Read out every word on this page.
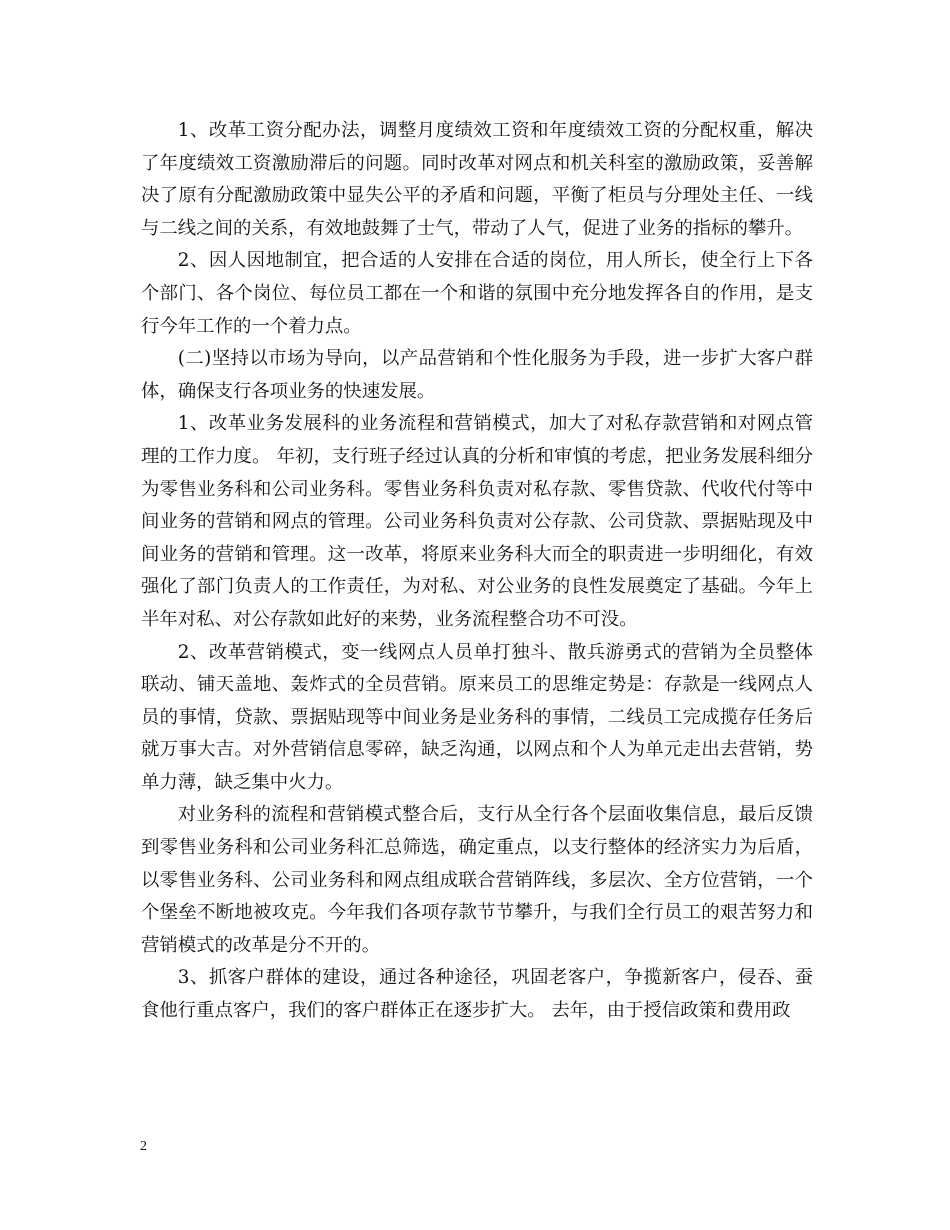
1、改革工资分配办法，调整月度绩效工资和年度绩效工资的分配权重，解决了年度绩效工资激励滞后的问题。同时改革对网点和机关科室的激励政策，妥善解决了原有分配激励政策中显失公平的矛盾和问题，平衡了柜员与分理处主任、一线与二线之间的关系，有效地鼓舞了士气，带动了人气，促进了业务的指标的攀升。

2、因人因地制宜，把合适的人安排在合适的岗位，用人所长，使全行上下各个部门、各个岗位、每位员工都在一个和谐的氛围中充分地发挥各自的作用，是支行今年工作的一个着力点。

(二)坚持以市场为导向，以产品营销和个性化服务为手段，进一步扩大客户群体，确保支行各项业务的快速发展。

1、改革业务发展科的业务流程和营销模式，加大了对私存款营销和对网点管理的工作力度。 年初，支行班子经过认真的分析和审慎的考虑，把业务发展科细分为零售业务科和公司业务科。零售业务科负责对私存款、零售贷款、代收代付等中间业务的营销和网点的管理。公司业务科负责对公存款、公司贷款、票据贴现及中间业务的营销和管理。这一改革，将原来业务科大而全的职责进一步明细化，有效强化了部门负责人的工作责任，为对私、对公业务的良性发展奠定了基础。今年上半年对私、对公存款如此好的来势，业务流程整合功不可没。

2、改革营销模式，变一线网点人员单打独斗、散兵游勇式的营销为全员整体联动、铺天盖地、轰炸式的全员营销。原来员工的思维定势是：存款是一线网点人员的事情，贷款、票据贴现等中间业务是业务科的事情，二线员工完成揽存任务后就万事大吉。对外营销信息零碎，缺乏沟通，以网点和个人为单元走出去营销，势单力薄，缺乏集中火力。

对业务科的流程和营销模式整合后，支行从全行各个层面收集信息，最后反馈到零售业务科和公司业务科汇总筛选，确定重点，以支行整体的经济实力为后盾，以零售业务科、公司业务科和网点组成联合营销阵线，多层次、全方位营销，一个个堡垒不断地被攻克。今年我们各项存款节节攀升，与我们全行员工的艰苦努力和营销模式的改革是分不开的。

3、抓客户群体的建设，通过各种途径，巩固老客户，争揽新客户，侵吞、蚕食他行重点客户，我们的客户群体正在逐步扩大。 去年，由于授信政策和费用政

2
